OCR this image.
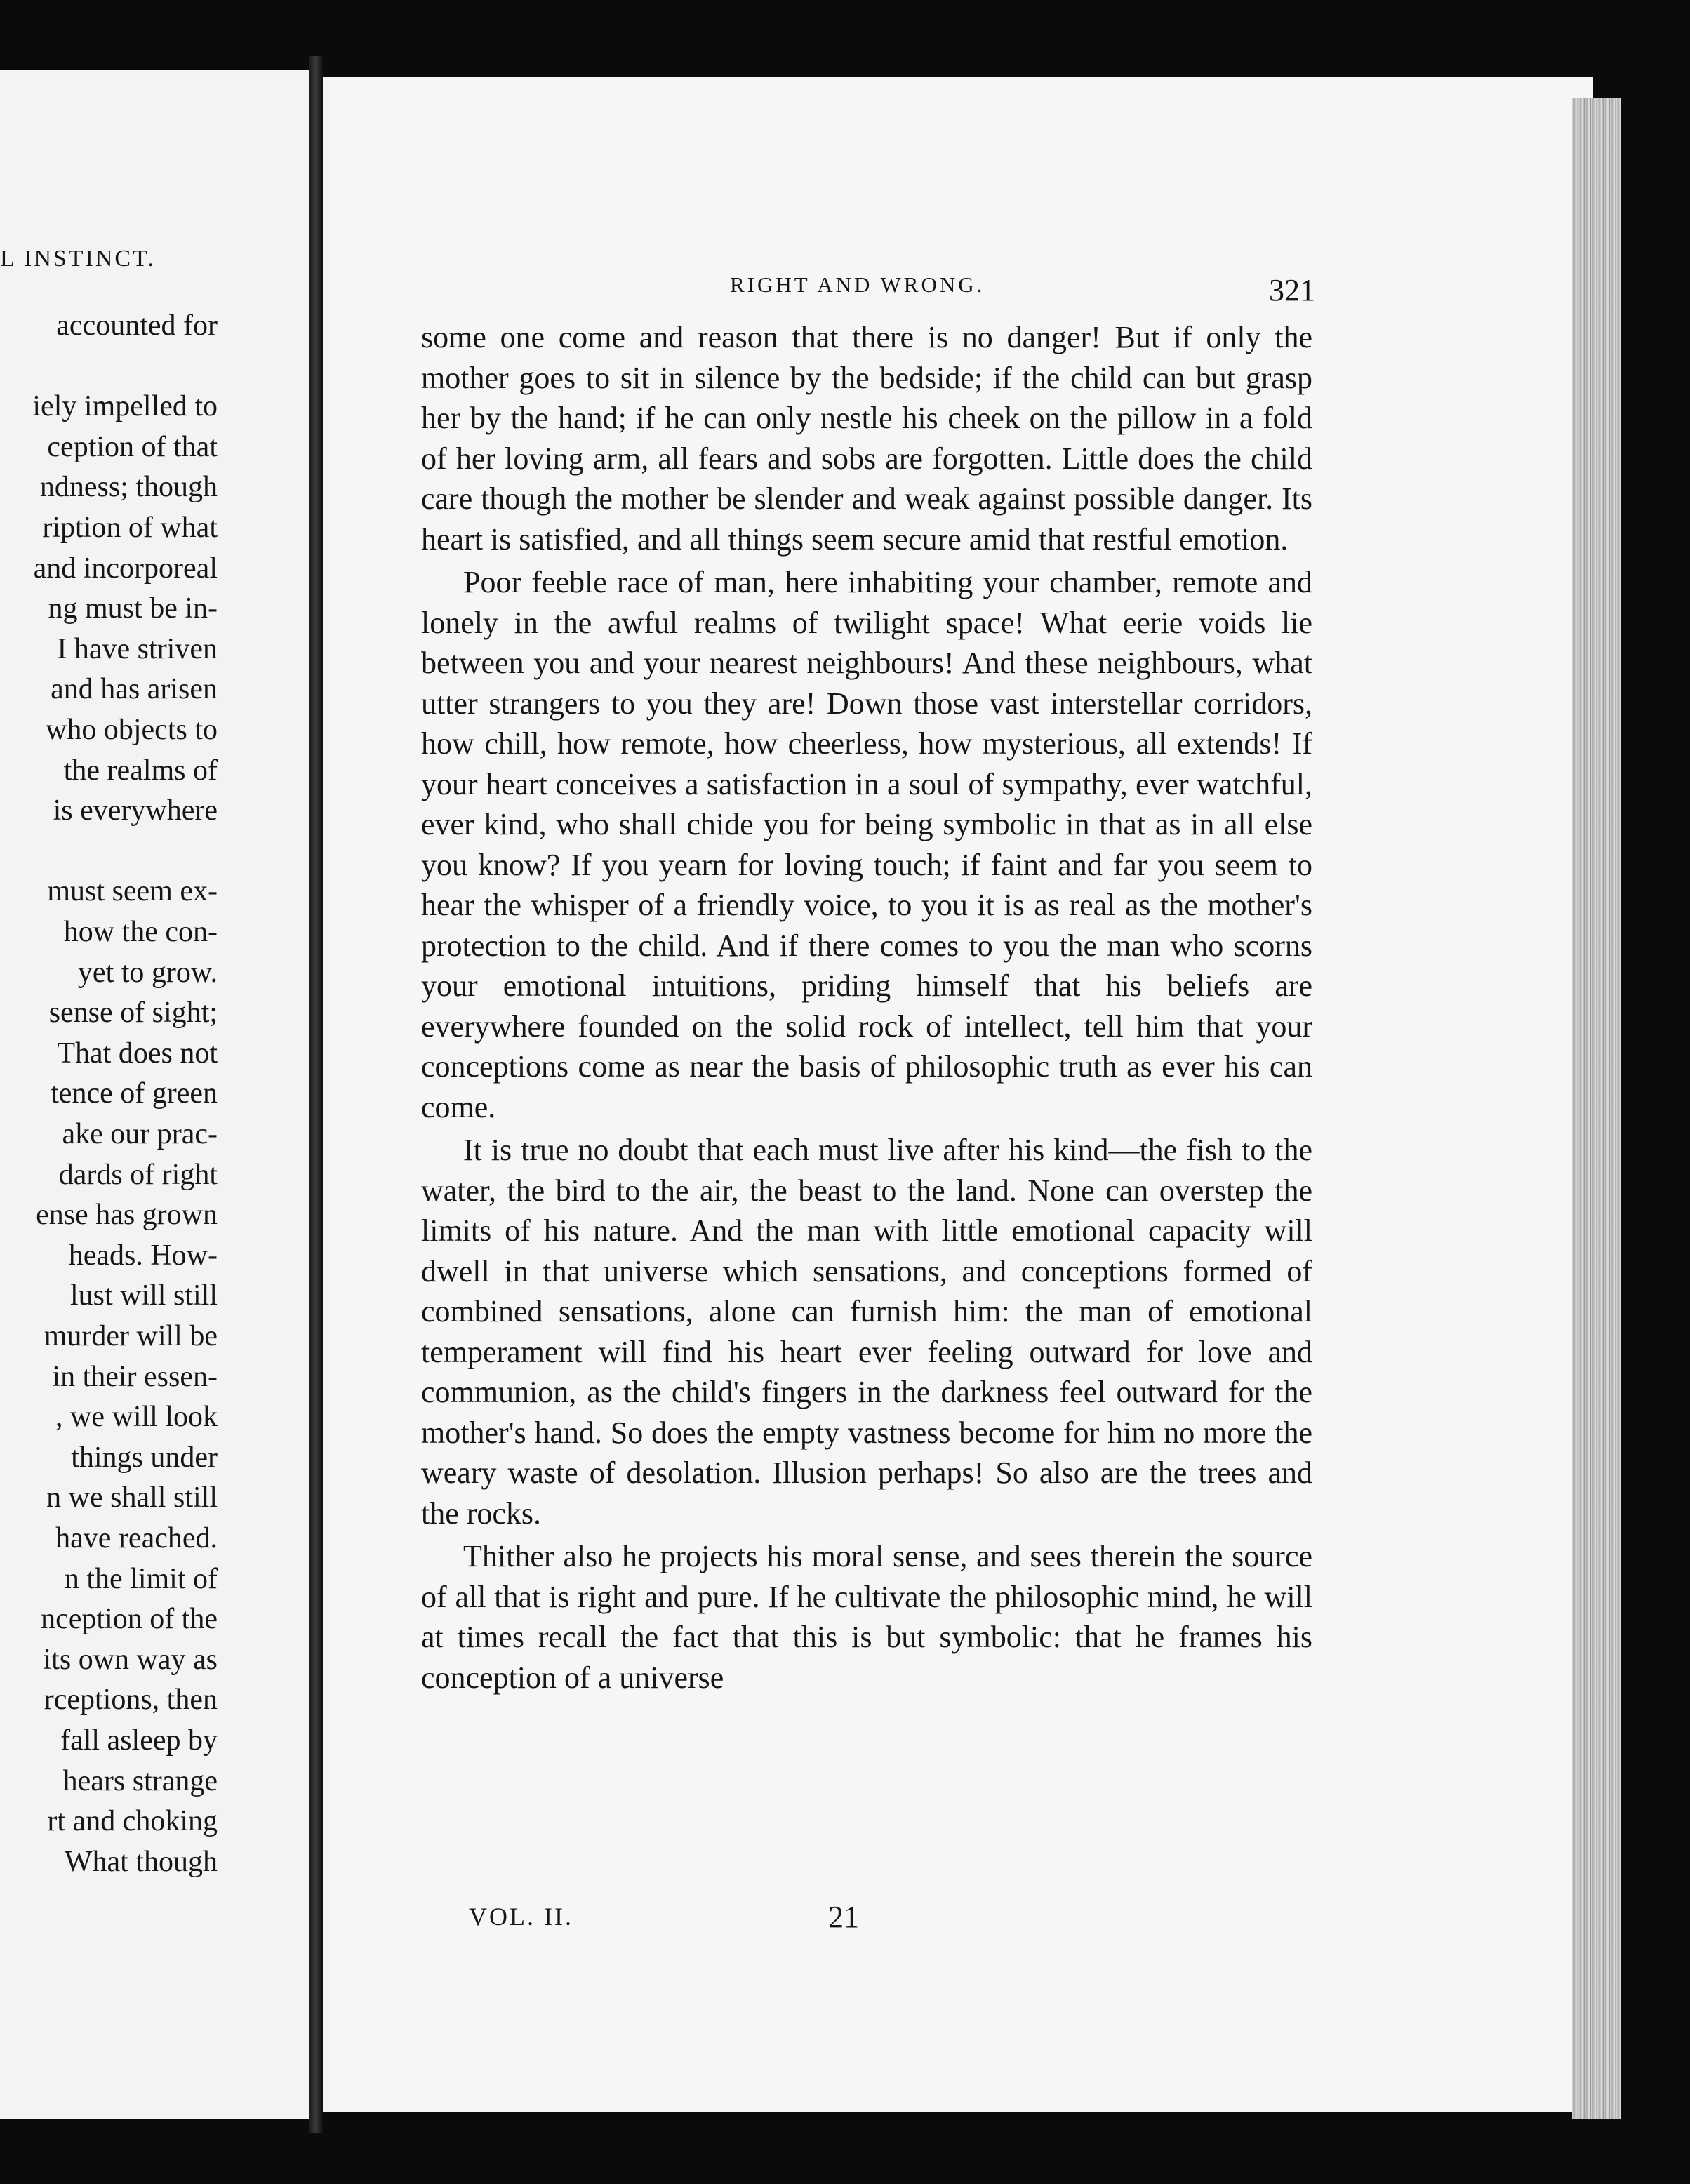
L INSTINCT.
accounted for
iely impelled to
ception of that
ndness; though
ription of what
and incorporeal
ng must be in-
I have striven
and has arisen
who objects to
the realms of
is everywhere
must seem ex-
how the con-
yet to grow.
sense of sight;
That does not
tence of green
ake our prac-
dards of right
ense has grown
heads. How-
lust will still
murder will be
in their essen-
, we will look
things under
n we shall still
have reached.
n the limit of
nception of the
its own way as
rceptions, then
fall asleep by
hears strange
rt and choking
What though
RIGHT AND WRONG.	321

some one come and reason that there is no danger! But if only the mother goes to sit in silence by the bedside; if the child can but grasp her by the hand; if he can only nestle his cheek on the pillow in a fold of her loving arm, all fears and sobs are forgotten. Little does the child care though the mother be slender and weak against possible danger. Its heart is satisfied, and all things seem secure amid that restful emotion.

Poor feeble race of man, here inhabiting your chamber, remote and lonely in the awful realms of twilight space! What eerie voids lie between you and your nearest neighbours! And these neighbours, what utter strangers to you they are! Down those vast interstellar corridors, how chill, how remote, how cheerless, how mysterious, all extends! If your heart conceives a satisfaction in a soul of sympathy, ever watchful, ever kind, who shall chide you for being symbolic in that as in all else you know? If you yearn for loving touch; if faint and far you seem to hear the whisper of a friendly voice, to you it is as real as the mother's protection to the child. And if there comes to you the man who scorns your emotional intuitions, priding himself that his beliefs are everywhere founded on the solid rock of intellect, tell him that your conceptions come as near the basis of philosophic truth as ever his can come.

It is true no doubt that each must live after his kind—the fish to the water, the bird to the air, the beast to the land. None can overstep the limits of his nature. And the man with little emotional capacity will dwell in that universe which sensations, and conceptions formed of combined sensations, alone can furnish him: the man of emotional temperament will find his heart ever feeling outward for love and communion, as the child's fingers in the darkness feel outward for the mother's hand. So does the empty vastness become for him no more the weary waste of desolation. Illusion perhaps! So also are the trees and the rocks.

Thither also he projects his moral sense, and sees therein the source of all that is right and pure. If he cultivate the philosophic mind, he will at times recall the fact that this is but symbolic: that he frames his conception of a universe

VOL. II.	21
